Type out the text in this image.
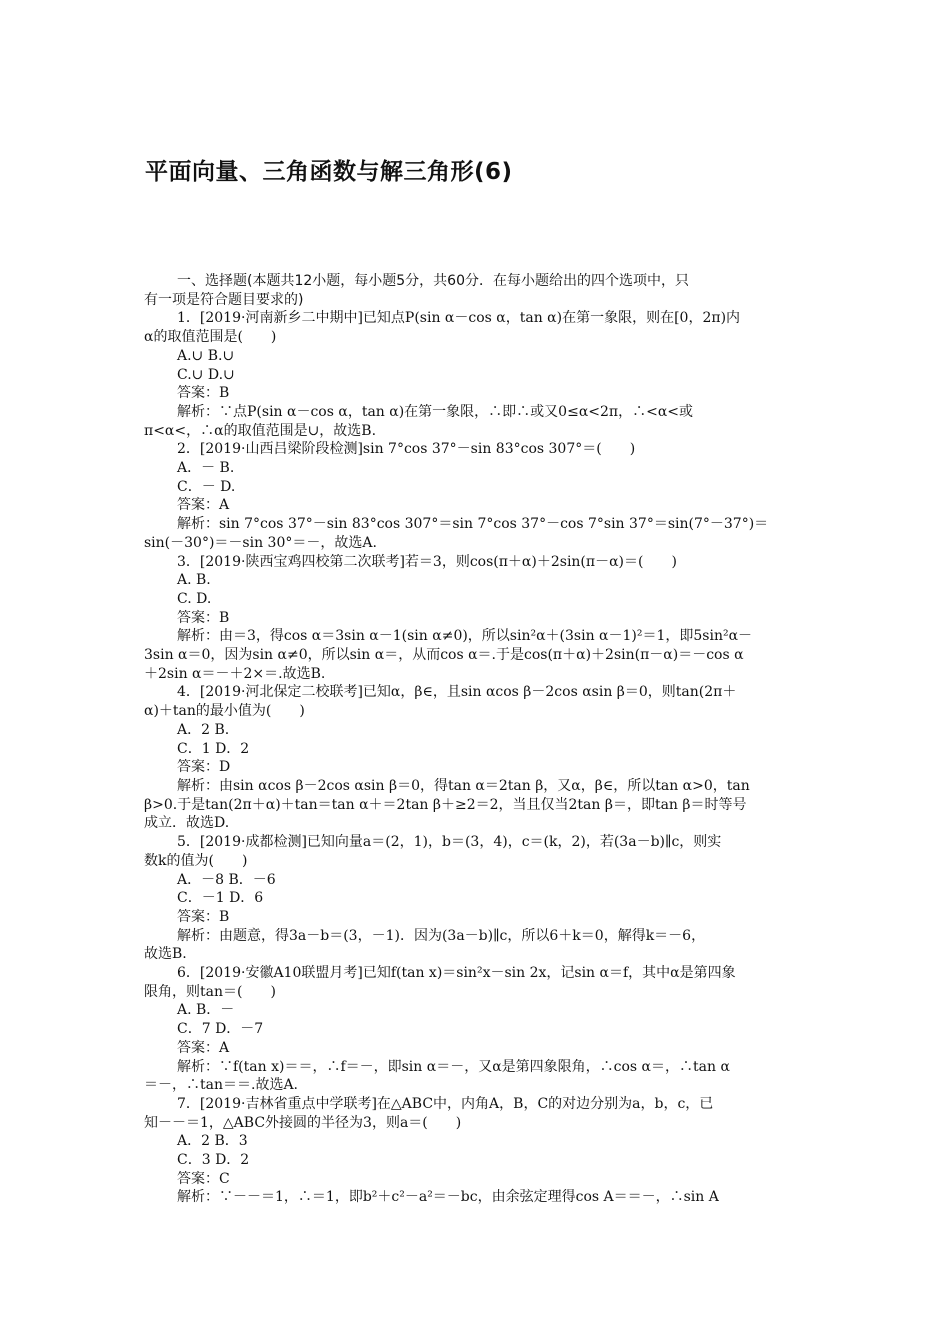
平面向量、三角函数与解三角形(6)
一、选择题(本题共12小题，每小题5分，共60分．在每小题给出的四个选项中，只
有一项是符合题目要求的)
1．[2019·河南新乡二中期中]已知点P(sin α－cos α，tan α)在第一象限，则在[0，2π)内
α的取值范围是(　　)
A.∪ B.∪
C.∪ D.∪
答案：B
解析：∵点P(sin α－cos α，tan α)在第一象限，∴即∴或又0≤α<2π，∴<α<或
π<α<，∴α的取值范围是∪，故选B.
2．[2019·山西吕梁阶段检测]sin 7°cos 37°－sin 83°cos 307°＝(　　)
A．－ B.
C．－ D.
答案：A
解析：sin 7°cos 37°－sin 83°cos 307°＝sin 7°cos 37°－cos 7°sin 37°＝sin(7°－37°)＝
sin(－30°)＝－sin 30°＝－，故选A.
3．[2019·陕西宝鸡四校第二次联考]若＝3，则cos(π＋α)＋2sin(π－α)＝(　　)
A. B.
C. D.
答案：B
解析：由＝3，得cos α＝3sin α－1(sin α≠0)，所以sin²α＋(3sin α－1)²＝1，即5sin²α－
3sin α＝0，因为sin α≠0，所以sin α＝，从而cos α＝.于是cos(π＋α)＋2sin(π－α)＝－cos α
＋2sin α＝－＋2×＝.故选B.
4．[2019·河北保定二校联考]已知α，β∈，且sin αcos β－2cos αsin β＝0，则tan(2π＋
α)＋tan的最小值为(　　)
A．2 B.
C．1 D．2
答案：D
解析：由sin αcos β－2cos αsin β＝0，得tan α＝2tan β，又α，β∈，所以tan α>0，tan
β>0.于是tan(2π＋α)＋tan＝tan α＋＝2tan β＋≥2＝2，当且仅当2tan β＝，即tan β＝时等号
成立．故选D.
5．[2019·成都检测]已知向量a＝(2，1)，b＝(3，4)，c＝(k，2)，若(3a－b)∥c，则实
数k的值为(　　)
A．－8 B．－6
C．－1 D．6
答案：B
解析：由题意，得3a－b＝(3，－1)．因为(3a－b)∥c，所以6＋k＝0，解得k＝－6，
故选B.
6．[2019·安徽A10联盟月考]已知f(tan x)＝sin²x－sin 2x，记sin α＝f，其中α是第四象
限角，则tan＝(　　)
A. B．－
C．7 D．－7
答案：A
解析：∵f(tan x)＝＝，∴f＝－，即sin α＝－，又α是第四象限角，∴cos α＝，∴tan α
＝－，∴tan＝＝.故选A.
7．[2019·吉林省重点中学联考]在△ABC中，内角A，B，C的对边分别为a，b，c，已
知－－＝1，△ABC外接圆的半径为3，则a＝(　　)
A．2 B．3
C．3 D．2
答案：C
解析：∵－－＝1，∴＝1，即b²＋c²－a²＝－bc，由余弦定理得cos A＝＝－，∴sin A
